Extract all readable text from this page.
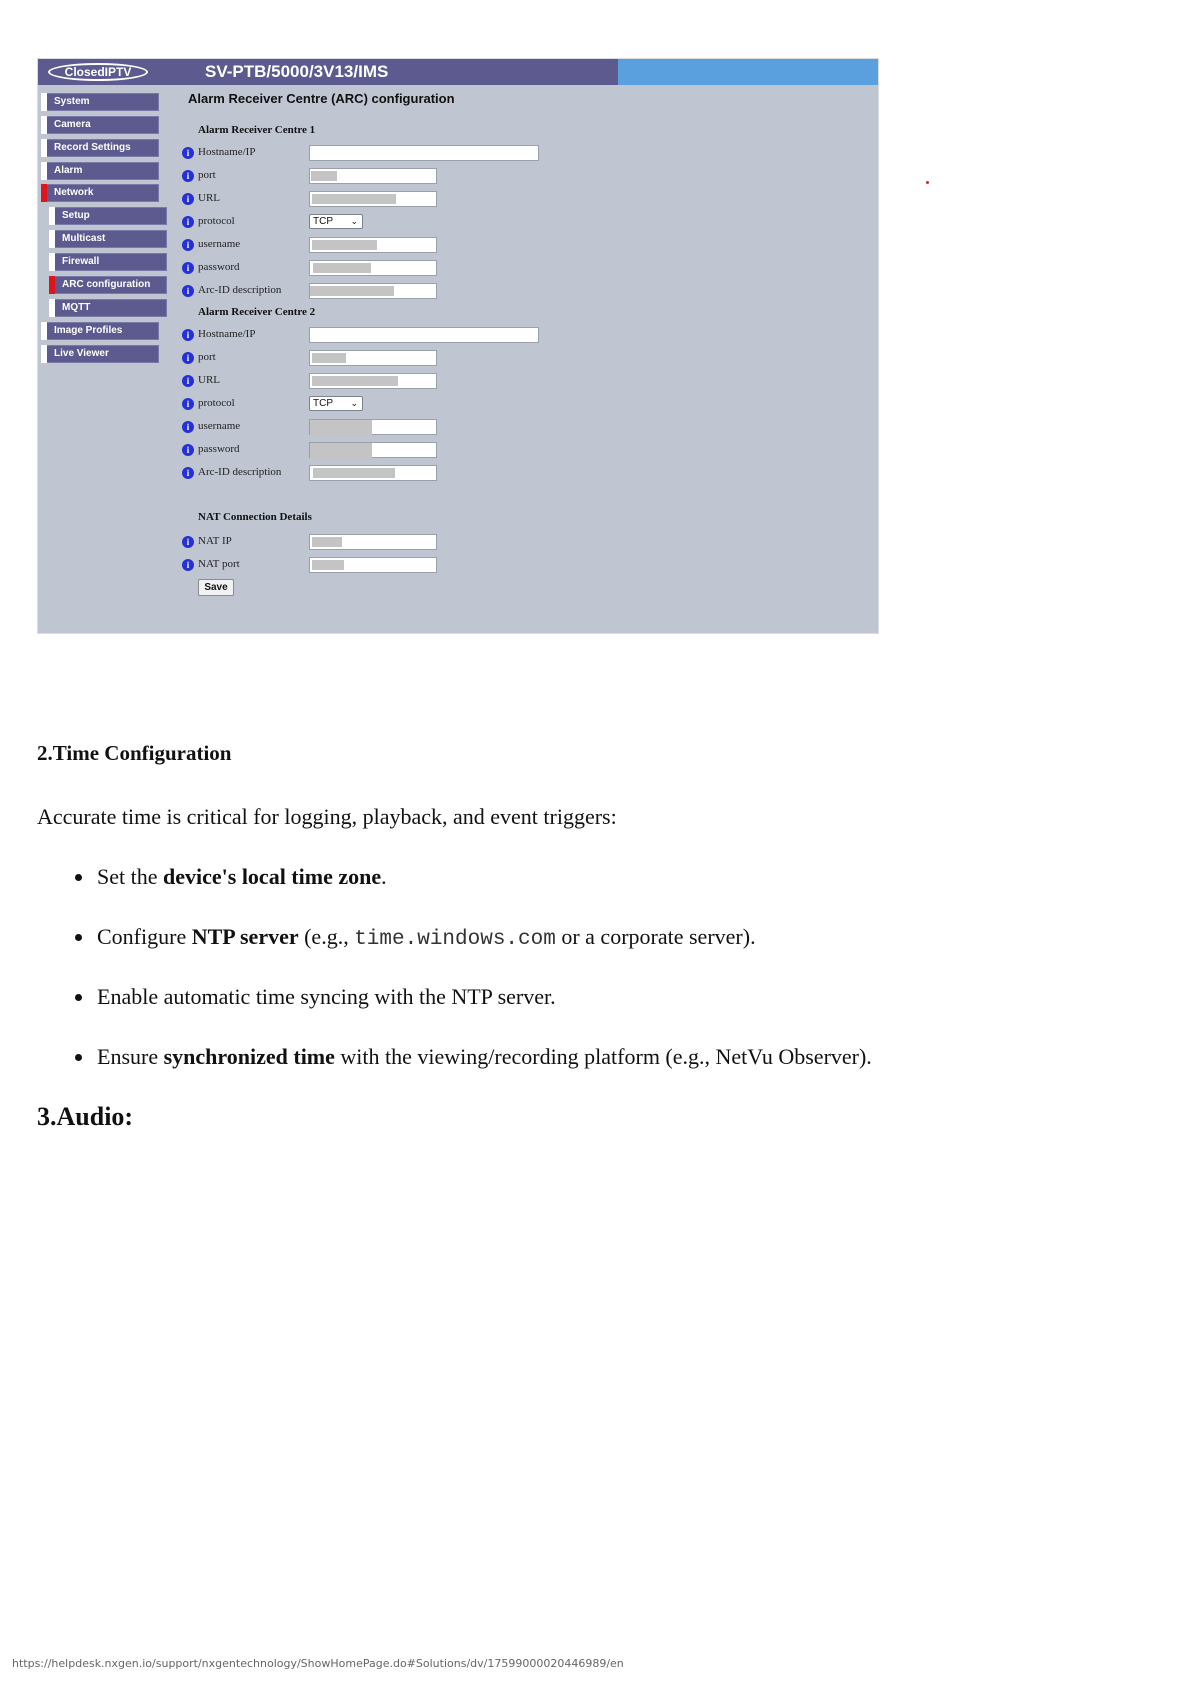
ClosedIPTV	SV-PTB/5000/3V13/IMS
System
Camera
Record Settings
Alarm
Network
Setup
Multicast
Firewall
ARC configuration
MQTT
Image Profiles
Live Viewer
Alarm Receiver Centre (ARC) configuration
Alarm Receiver Centre 1
i Hostname/IP
i port
i URL
i protocol	TCP ⌄
i username
i password
i Arc-ID description
Alarm Receiver Centre 2
i Hostname/IP
i port
i URL
i protocol	TCP ⌄
i username
i password
i Arc-ID description
NAT Connection Details
i NAT IP
i NAT port
Save
2.Time Configuration
Accurate time is critical for logging, playback, and event triggers:
Set the device's local time zone.
Configure NTP server (e.g., time.windows.com or a corporate server).
Enable automatic time syncing with the NTP server.
Ensure synchronized time with the viewing/recording platform (e.g., NetVu Observer).
3.Audio:
https://helpdesk.nxgen.io/support/nxgentechnology/ShowHomePage.do#Solutions/dv/17599000020446989/en
